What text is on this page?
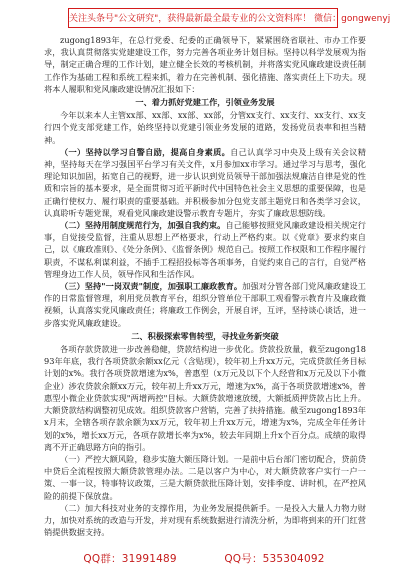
关注头条号"公文研究"，获得最新最全最专业的公文资料库！ 微信：gongwenyj

zugong1893年，在总行党委、纪委的正确领导下，紧紧围绕省联社、市办工作要求，我认真贯彻落实党建建设工作，努力完善各项业务计划目标。坚持以科学发展观为指导，制定正确合理的工作计划，建立健全长效的考核机制，并将落实党风廉政建设责任制工作作为基础工程和系统工程来抓，着力在完善机制、强化措施、落实责任上下功夫。现将本人履职和党风廉政建设情况汇报如下：

一、着力抓好党建工作，引领业务发展

今年以来本人主管xx部、xx部、xx部、xx部，分管xx支行、xx支行、xx支行、xx支行四个党支部党建工作，始终坚持以党建引领业务发展的道路，发扬党员表率和担当精神。

（一）坚持以学习自警自励，提高自身素质。自己认真学习中央及上级有关会议精神，坚持每天在学习强国平台学习有关文件，x月参加xx市学习。通过学习与思考，强化理论知识加固，拓宽自己的视野，进一步认识到党员领导干部加强法规廉洁自律是党的性质和宗旨的基本要求，是全面贯彻习近平新时代中国特色社会主义思想的重要保障，也是正确行使权力、履行职责的重要基础。并积极参加分包党支部主题党日和各类学习会议，认真聆听专题党课，观看党风廉政建设警示教育专题片，夯实了廉政思想防线。

（二）坚持用制度规范行为，加强自我约束。自己能够按照党风廉政建设相关规定行事，自觉接受监督，注重从思想上严格要求，行动上严格约束。以《党章》要求约束自己，以《廉政准则》、《处分条例》、《监督条例》规范自己。按照工作权限和工作程序履行职责，不谋私利谋利益，不插手工程招投标等各项事务，自觉约束自己的言行，自觉严格管理身边工作人员，领导作风和生活作风。

（三）坚持"一岗双责"制度，加强职工廉政教育。加强对分管各部门党风廉政建设工作的日常监督管理，利用党员教育平台，组织分管单位干部职工观看警示教育片及廉政微视频，认真落实党风廉政责任；将廉政工作例会，开展自评，互评，坚持谈心谈话，进一步落实党风廉政建设。

二、积极探索零售转型，寻找业务新突破

各项存款贷款进一步改善稳健，贷款结构进一步优化。贷款投放量，截至zugong1893年年底，我行各项贷款余额xx亿元（含贴现），较年初上升xx万元，完成贷款任务目标计划的x%。我行各项贷款增速为x%，普惠型（x万元及以下个人经营和x万元及以下小微企业）涉农贷款余额xx万元，较年初上升xx万元，增速为x%，高于各项贷款增速x%，普惠型小微企业贷款实现"两增两控"目标。大额贷款增速放缓，大额抵质押贷款占比上升。大额贷款结构调整初见成效。组织贷款客户营销，完善了扶持措施。截至zugong1893年x月末，全辖各项存款余额为xx万元，较年初上升xx万元，增速为x%，完成全年任务计划的x%，增长xx万元，各项存款增长率为x%，较去年同期上升x个百分点。成绩的取得离不开正确思路方向的指引。

（一）严控大额风险，稳步实施大额压降计划。一是前中后台部门密切配合，贷前贷中贷后全流程按照大额贷款管理办法。二是以客户为中心，对大额贷款客户实行一户一策、一事一议，特事特议政策，三是大额贷款批压降计划，安排季度、讲时机，在严控风险的前提下保放盘。

（二）加大科技对业务的支撑作用，为业务发展提供新手。一是投入大量人力物力财力，加快对系统的改造与开发，并对现有系统数据进行清洗分析，为即将到来的开门红营销提供数据支持。

QQ群：31991489	QQ号：535304092
